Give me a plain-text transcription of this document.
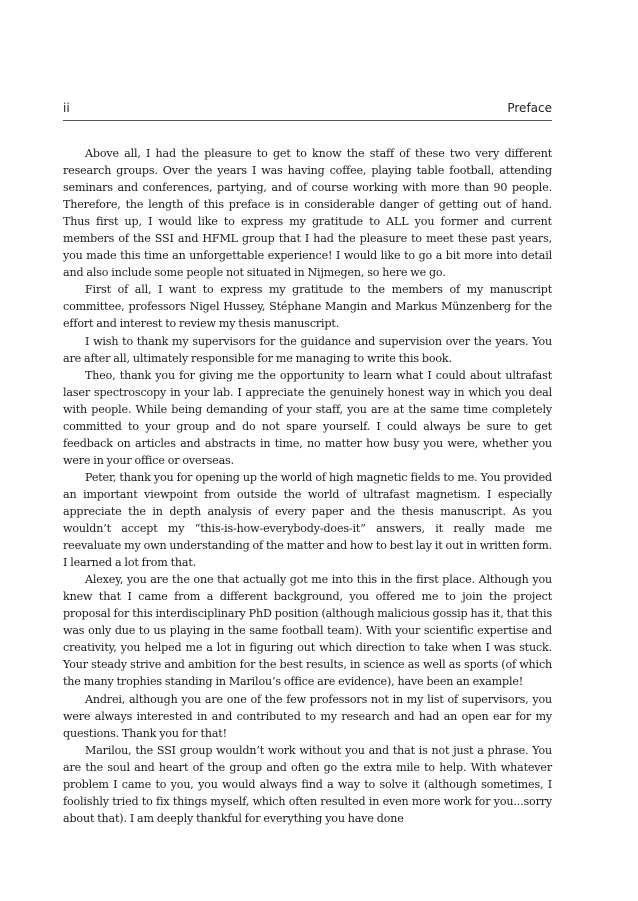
ii	Preface

Above all, I had the pleasure to get to know the staff of these two very different research groups. Over the years I was having coffee, playing table football, attending seminars and conferences, partying, and of course working with more than 90 people. Therefore, the length of this preface is in considerable danger of getting out of hand. Thus first up, I would like to express my gratitude to ALL you former and current members of the SSI and HFML group that I had the pleasure to meet these past years, you made this time an unforgettable experience! I would like to go a bit more into detail and also include some people not situated in Nijmegen, so here we go.

First of all, I want to express my gratitude to the members of my manuscript committee, professors Nigel Hussey, Stéphane Mangin and Markus Münzenberg for the effort and interest to review my thesis manuscript.

I wish to thank my supervisors for the guidance and supervision over the years. You are after all, ultimately responsible for me managing to write this book.

Theo, thank you for giving me the opportunity to learn what I could about ultrafast laser spectroscopy in your lab. I appreciate the genuinely honest way in which you deal with people. While being demanding of your staff, you are at the same time completely committed to your group and do not spare yourself. I could always be sure to get feedback on articles and abstracts in time, no matter how busy you were, whether you were in your office or overseas.

Peter, thank you for opening up the world of high magnetic fields to me. You provided an important viewpoint from outside the world of ultrafast magnetism. I especially appreciate the in depth analysis of every paper and the thesis manuscript. As you wouldn’t accept my “this-is-how-everybody-does-it” answers, it really made me reevaluate my own understanding of the matter and how to best lay it out in written form. I learned a lot from that.

Alexey, you are the one that actually got me into this in the first place. Although you knew that I came from a different background, you offered me to join the project proposal for this interdisciplinary PhD position (although malicious gossip has it, that this was only due to us playing in the same football team). With your scientific expertise and creativity, you helped me a lot in figuring out which direction to take when I was stuck. Your steady strive and ambition for the best results, in science as well as sports (of which the many trophies standing in Marilou’s office are evidence), have been an example!

Andrei, although you are one of the few professors not in my list of supervisors, you were always interested in and contributed to my research and had an open ear for my questions. Thank you for that!

Marilou, the SSI group wouldn’t work without you and that is not just a phrase. You are the soul and heart of the group and often go the extra mile to help. With whatever problem I came to you, you would always find a way to solve it (although sometimes, I foolishly tried to fix things myself, which often resulted in even more work for you...sorry about that). I am deeply thankful for everything you have done
